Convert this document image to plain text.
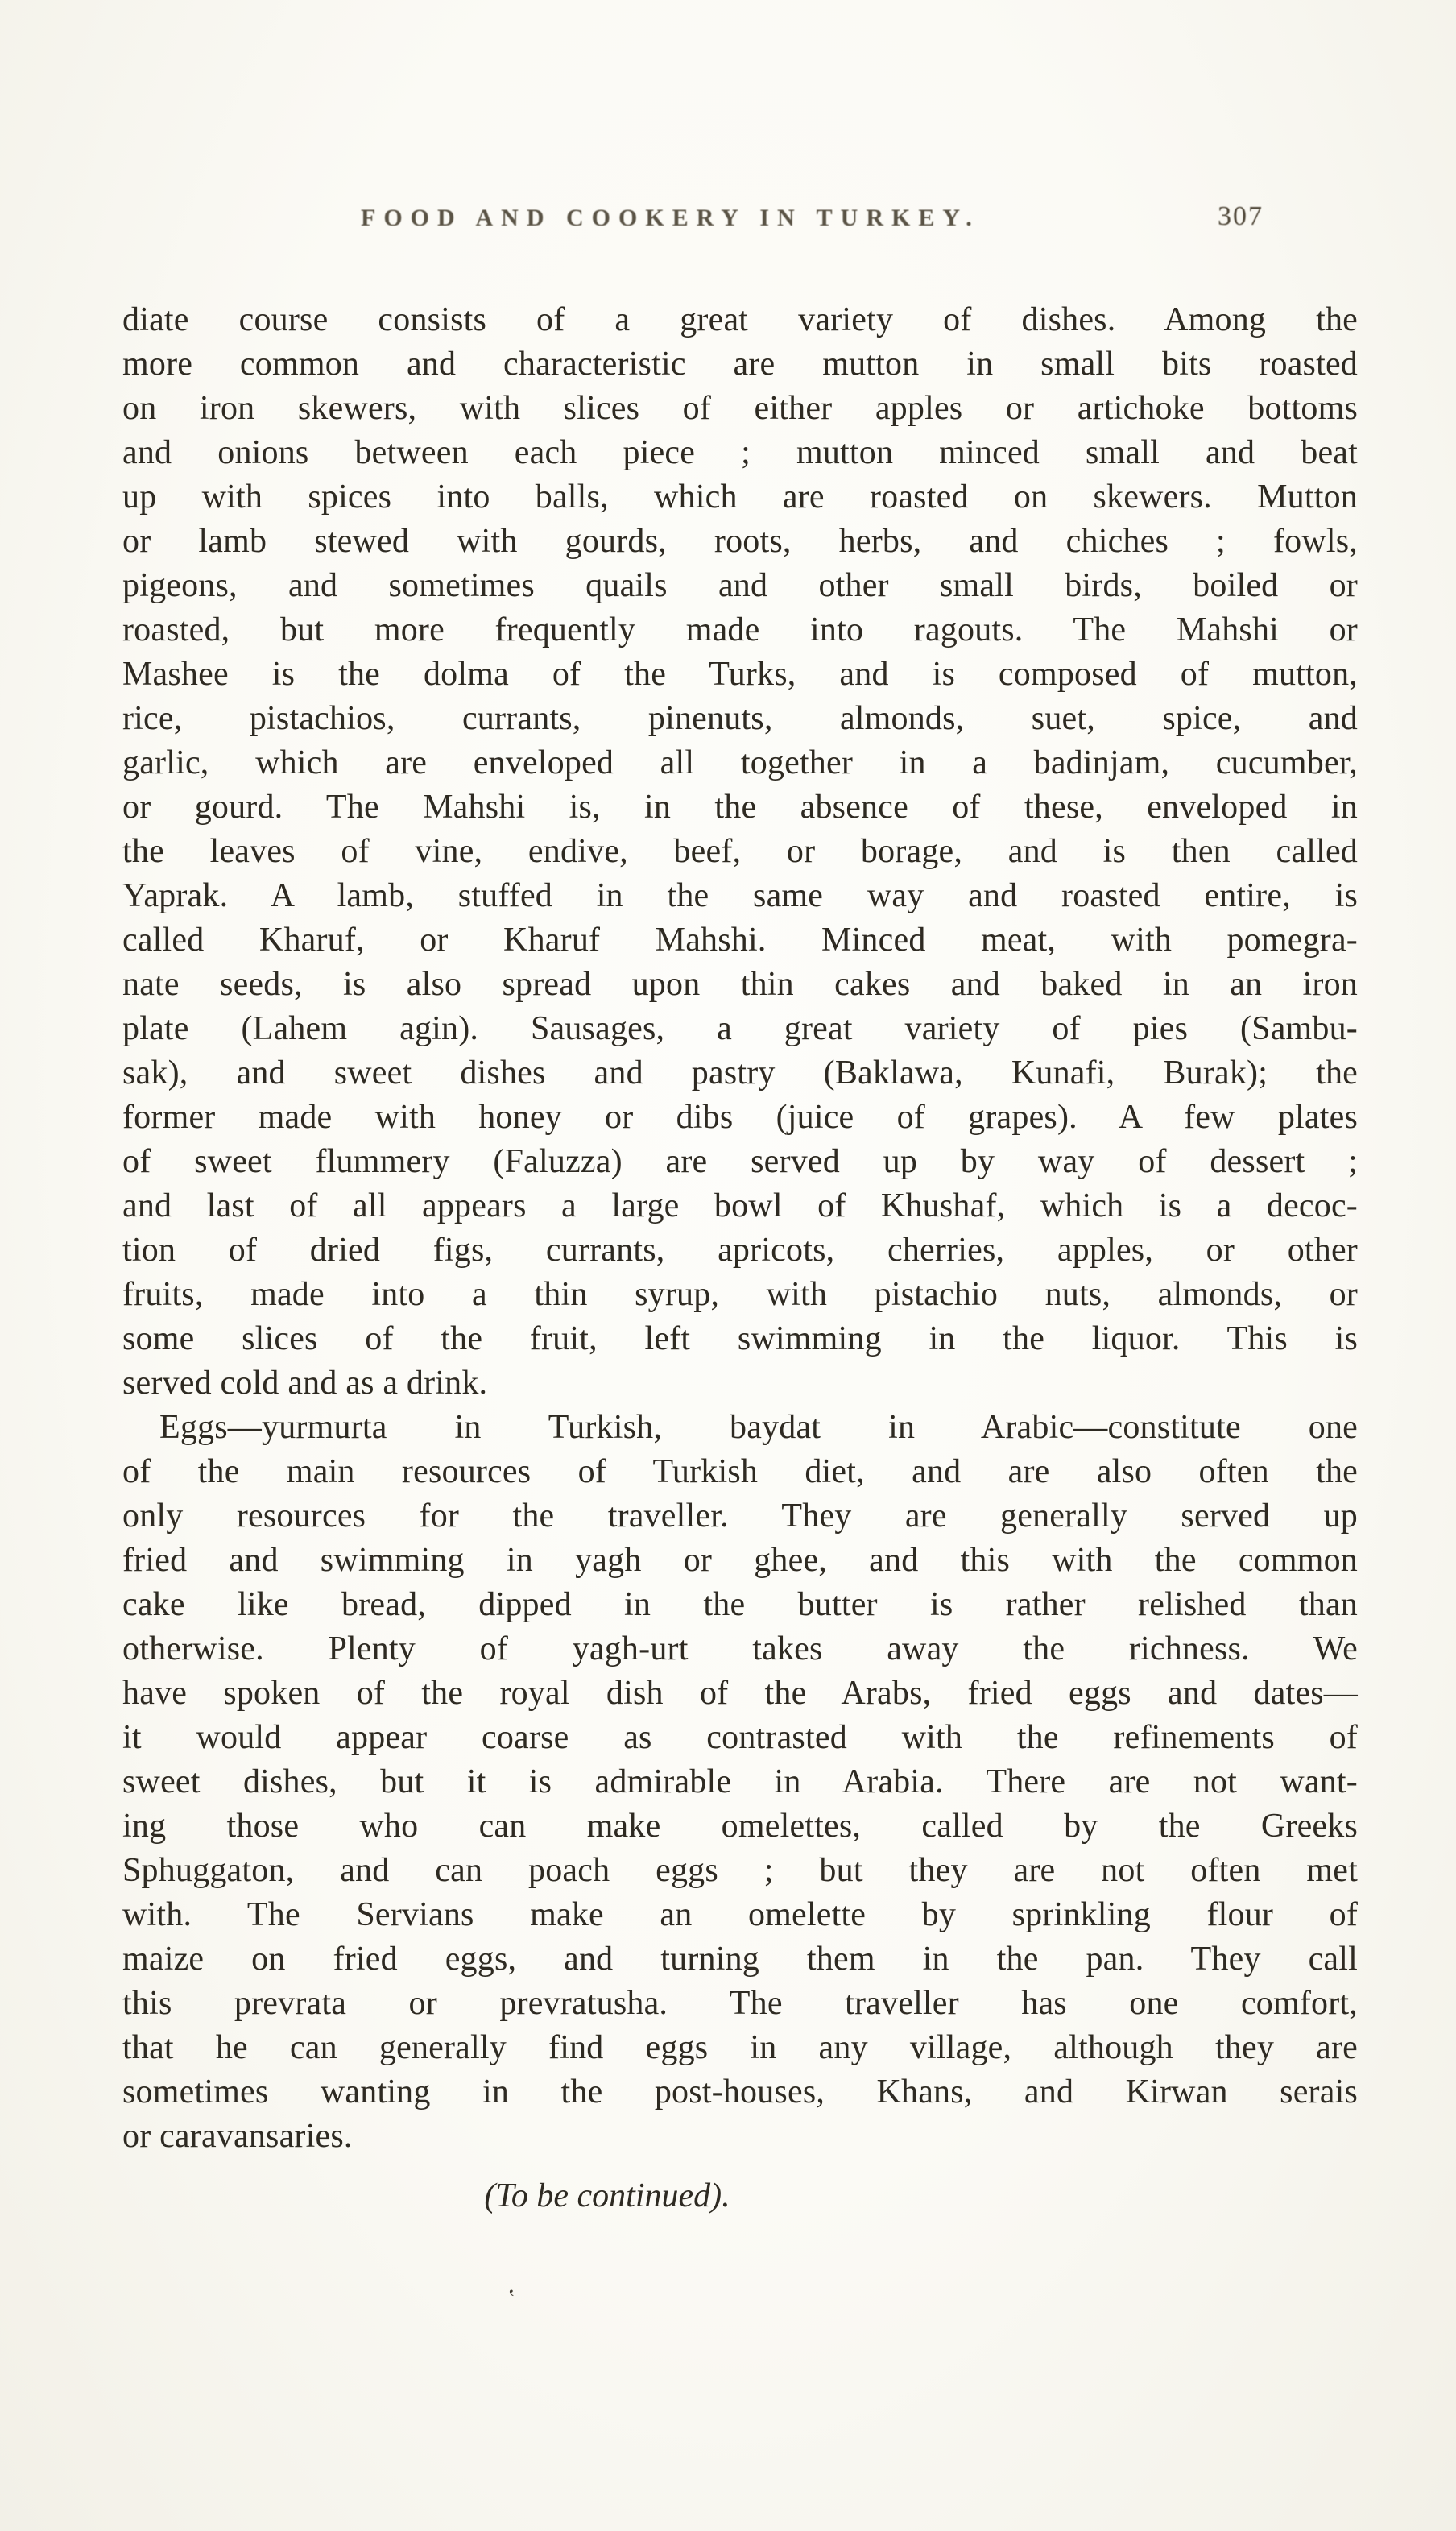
FOOD AND COOKERY IN TURKEY.	307
diate course consists of a great variety of dishes. Among the
more common and characteristic are mutton in small bits roasted
on iron skewers, with slices of either apples or artichoke bottoms
and onions between each piece ; mutton minced small and beat
up with spices into balls, which are roasted on skewers. Mutton
or lamb stewed with gourds, roots, herbs, and chiches ; fowls,
pigeons, and sometimes quails and other small birds, boiled or
roasted, but more frequently made into ragouts. The Mahshi or
Mashee is the dolma of the Turks, and is composed of mutton,
rice, pistachios, currants, pinenuts, almonds, suet, spice, and
garlic, which are enveloped all together in a badinjam, cucumber,
or gourd. The Mahshi is, in the absence of these, enveloped in
the leaves of vine, endive, beef, or borage, and is then called
Yaprak. A lamb, stuffed in the same way and roasted entire, is
called Kharuf, or Kharuf Mahshi. Minced meat, with pomegra-
nate seeds, is also spread upon thin cakes and baked in an iron
plate (Lahem agin). Sausages, a great variety of pies (Sambu-
sak), and sweet dishes and pastry (Baklawa, Kunafi, Burak); the
former made with honey or dibs (juice of grapes). A few plates
of sweet flummery (Faluzza) are served up by way of dessert ;
and last of all appears a large bowl of Khushaf, which is a decoc-
tion of dried figs, currants, apricots, cherries, apples, or other
fruits, made into a thin syrup, with pistachio nuts, almonds, or
some slices of the fruit, left swimming in the liquor. This is
served cold and as a drink.
Eggs—yurmurta in Turkish, baydat in Arabic—constitute one
of the main resources of Turkish diet, and are also often the
only resources for the traveller. They are generally served up
fried and swimming in yagh or ghee, and this with the common
cake like bread, dipped in the butter is rather relished than
otherwise. Plenty of yagh-urt takes away the richness. We
have spoken of the royal dish of the Arabs, fried eggs and dates—
it would appear coarse as contrasted with the refinements of
sweet dishes, but it is admirable in Arabia. There are not want-
ing those who can make omelettes, called by the Greeks
Sphuggaton, and can poach eggs ; but they are not often met
with. The Servians make an omelette by sprinkling flour of
maize on fried eggs, and turning them in the pan. They call
this prevrata or prevratusha. The traveller has one comfort,
that he can generally find eggs in any village, although they are
sometimes wanting in the post-houses, Khans, and Kirwan serais
or caravansaries.
(To be continued).
‛
